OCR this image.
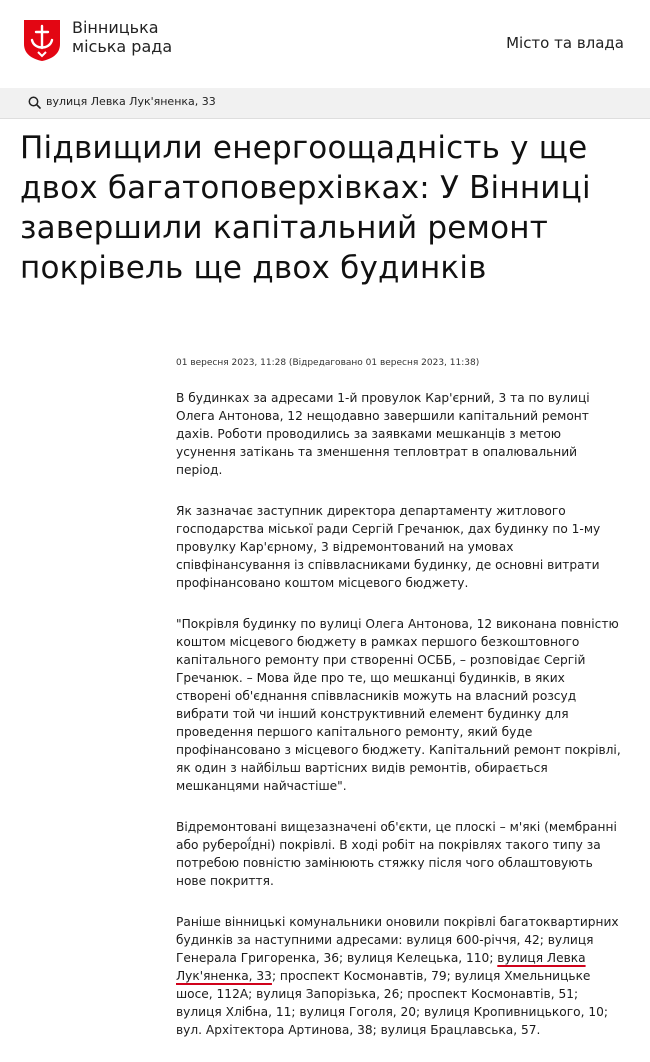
Вінницька
міська рада	Місто та влада
вулиця Левка Лук'яненка, 33
Підвищили енергоощадність у ще двох багатоповерхівках: У Вінниці завершили капітальний ремонт покрівель ще двох будинків
01 вересня 2023, 11:28 (Відредаговано 01 вересня 2023, 11:38)

В будинках за адресами 1-й провулок Кар'єрний, 3 та по вулиці Олега Антонова, 12 нещодавно завершили капітальний ремонт дахів. Роботи проводились за заявками мешканців з метою усунення затікань та зменшення тепловтрат в опалювальний період.

Як зазначає заступник директора департаменту житлового господарства міської ради Сергій Гречанюк, дах будинку по 1-му провулку Кар'єрному, 3 відремонтований на умовах співфінансування із співвласниками будинку, де основні витрати профінансовано коштом місцевого бюджету.

"Покрівля будинку по вулиці Олега Антонова, 12 виконана повністю коштом місцевого бюджету в рамках першого безкоштовного капітального ремонту при створенні ОСББ, – розповідає Сергій Гречанюк. – Мова йде про те, що мешканці будинків, в яких створені об'єднання співвласників можуть на власний розсуд вибрати той чи інший конструктивний елемент будинку для проведення першого капітального ремонту, який буде профінансовано з місцевого бюджету. Капітальний ремонт покрівлі, як один з найбільш вартісних видів ремонтів, обирається мешканцями найчастіше".

Відремонтовані вищезазначені об'єкти, це плоскі – м'які (мембранні або руберої́дні) покрівлі. В ході робіт на покрівлях такого типу за потребою повністю замінюють стяжку після чого облаштовують нове покриття.

Раніше вінницькі комунальники оновили покрівлі багатоквартирних будинків за наступними адресами: вулиця 600-річчя, 42; вулиця Генерала Григоренка, 36; вулиця Келецька, 110; вулиця Левка Лук'яненка, 33; проспект Космонавтів, 79; вулиця Хмельницьке шосе, 112А; вулиця Запорізька, 26; проспект Космонавтів, 51; вулиця Хлібна, 11; вулиця Гоголя, 20; вулиця Кропивницького, 10; вул. Архітектора Артинова, 38; вулиця Брацлавська, 57.
